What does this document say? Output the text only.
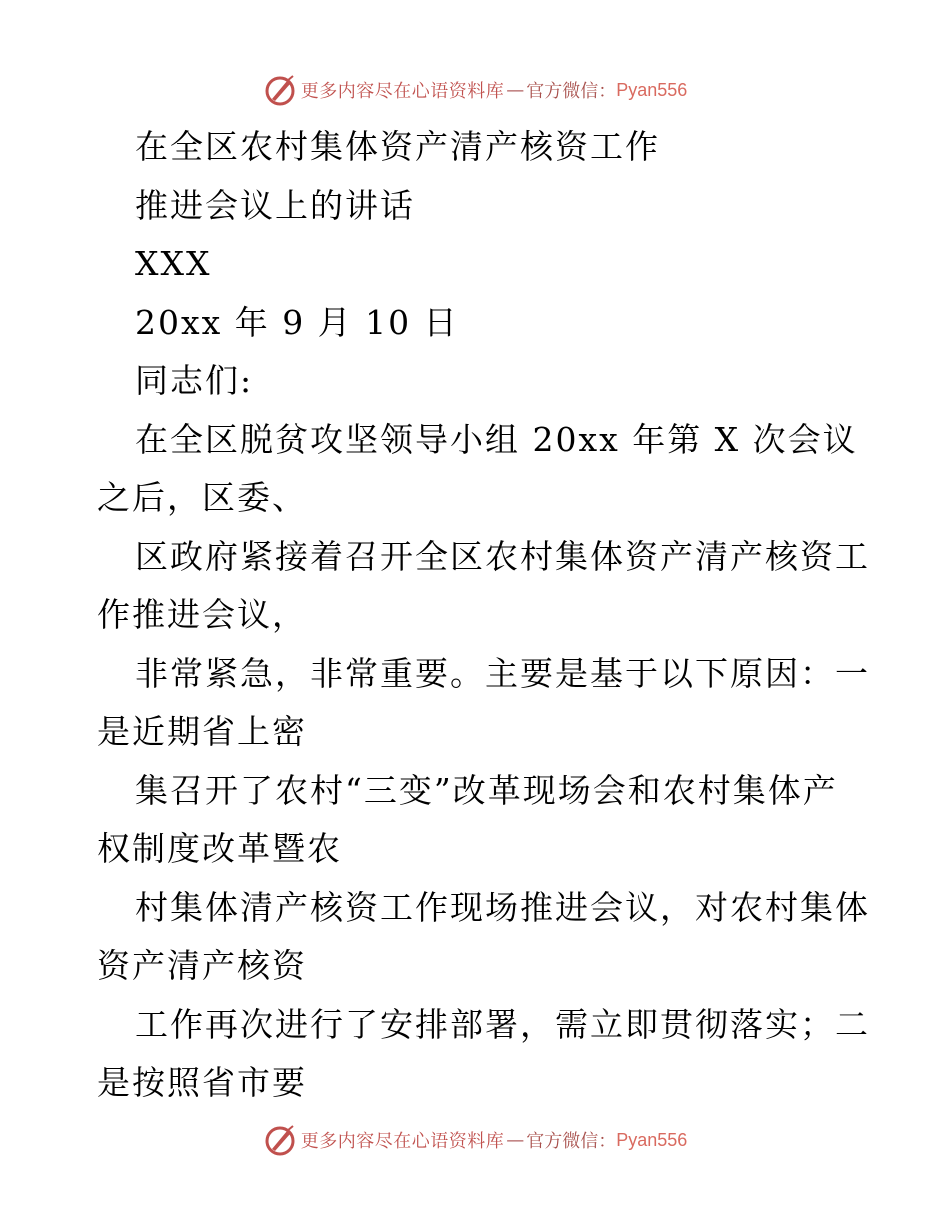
更多内容尽在心语资料库 — 官方微信： Pyan556
在全区农村集体资产清产核资工作
推进会议上的讲话
XXX
20xx 年 9 月 10 日
同志们:
在全区脱贫攻坚领导小组 20xx 年第 X 次会议
之后，区委、
区政府紧接着召开全区农村集体资产清产核资工
作推进会议，
非常紧急，非常重要。主要是基于以下原因：一
是近期省上密
集召开了农村“三变”改革现场会和农村集体产
权制度改革暨农
村集体清产核资工作现场推进会议，对农村集体
资产清产核资
工作再次进行了安排部署，需立即贯彻落实；二
是按照省市要
更多内容尽在心语资料库 — 官方微信： Pyan556
